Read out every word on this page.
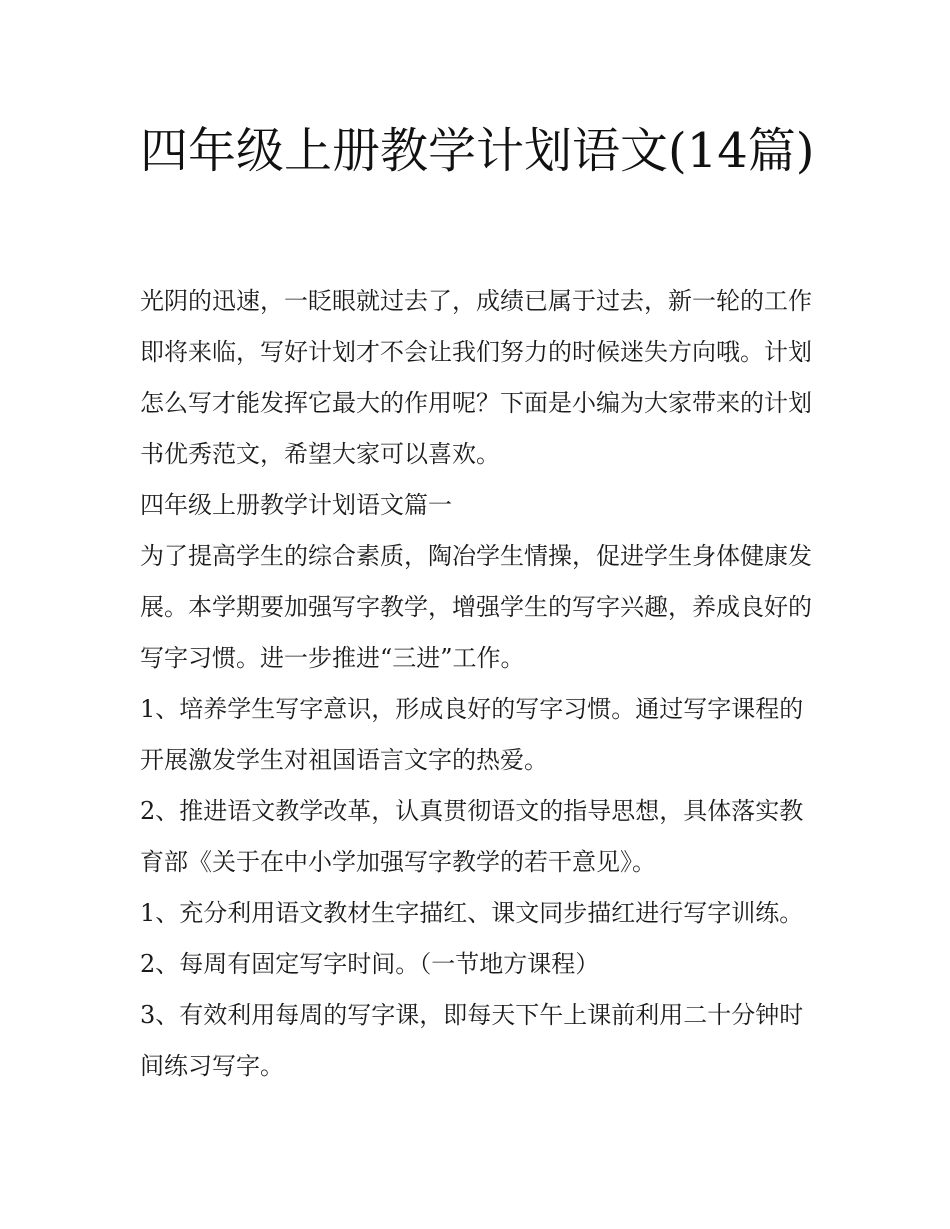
四年级上册教学计划语文(14篇)

光阴的迅速，一眨眼就过去了，成绩已属于过去，新一轮的工作即将来临，写好计划才不会让我们努力的时候迷失方向哦。计划怎么写才能发挥它最大的作用呢？下面是小编为大家带来的计划书优秀范文，希望大家可以喜欢。

四年级上册教学计划语文篇一

为了提高学生的综合素质，陶冶学生情操，促进学生身体健康发展。本学期要加强写字教学，增强学生的写字兴趣，养成良好的写字习惯。进一步推进“三进”工作。

1、培养学生写字意识，形成良好的写字习惯。通过写字课程的开展激发学生对祖国语言文字的热爱。

2、推进语文教学改革，认真贯彻语文的指导思想，具体落实教育部《关于在中小学加强写字教学的若干意见》。

1、充分利用语文教材生字描红、课文同步描红进行写字训练。 2、每周有固定写字时间。（一节地方课程）

3、有效利用每周的写字课，即每天下午上课前利用二十分钟时间练习写字。
